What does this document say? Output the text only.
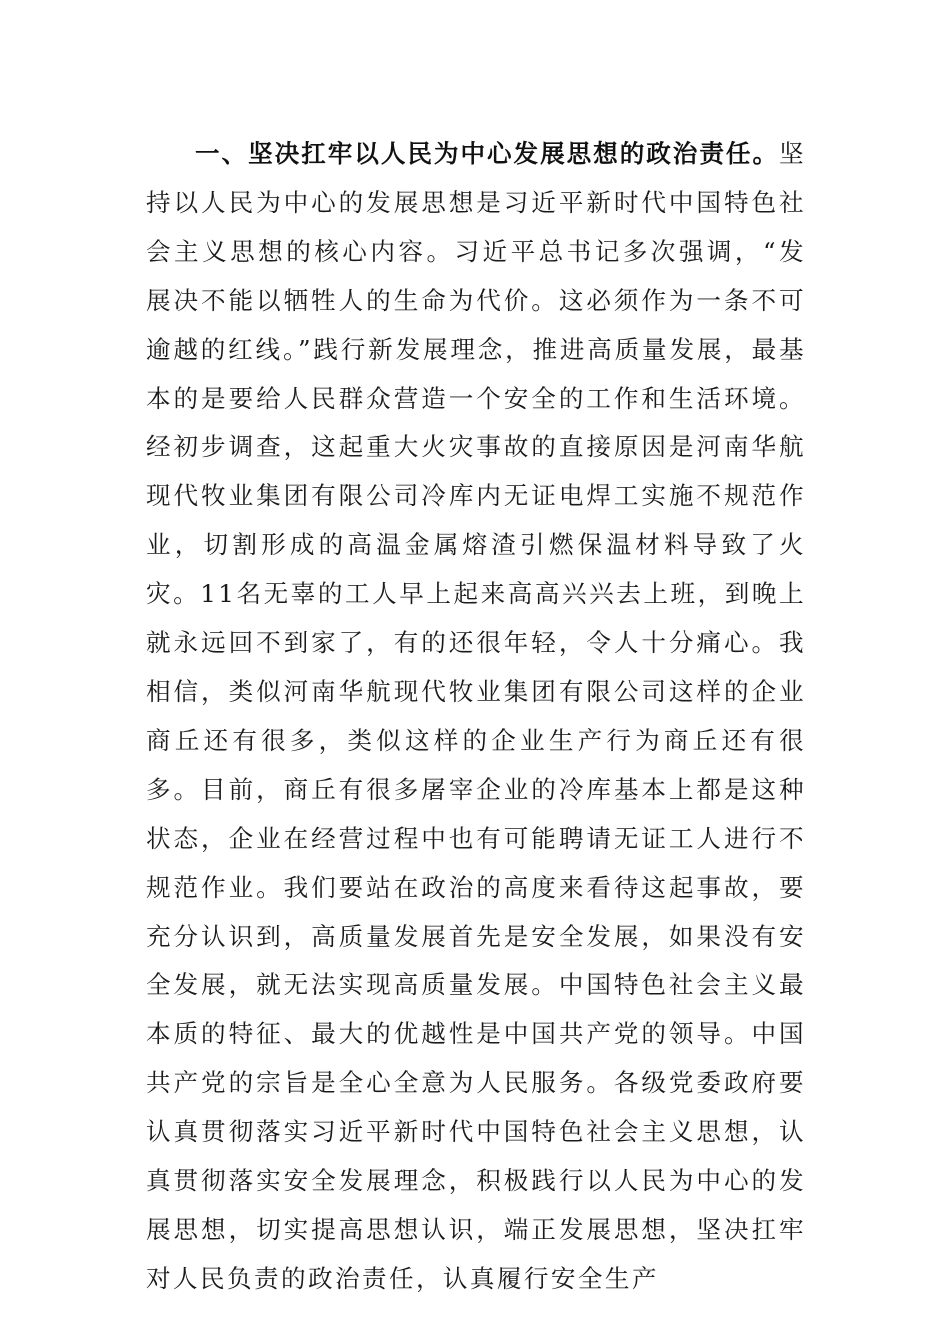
一、坚决扛牢以人民为中心发展思想的政治责任。坚持以人民为中心的发展思想是习近平新时代中国特色社会主义思想的核心内容。习近平总书记多次强调，“发展决不能以牺牲人的生命为代价。这必须作为一条不可逾越的红线。”践行新发展理念，推进高质量发展，最基本的是要给人民群众营造一个安全的工作和生活环境。经初步调查，这起重大火灾事故的直接原因是河南华航现代牧业集团有限公司冷库内无证电焊工实施不规范作业，切割形成的高温金属熔渣引燃保温材料导致了火灾。11名无辜的工人早上起来高高兴兴去上班，到晚上就永远回不到家了，有的还很年轻，令人十分痛心。我相信，类似河南华航现代牧业集团有限公司这样的企业商丘还有很多，类似这样的企业生产行为商丘还有很多。目前，商丘有很多屠宰企业的冷库基本上都是这种状态，企业在经营过程中也有可能聘请无证工人进行不规范作业。我们要站在政治的高度来看待这起事故，要充分认识到，高质量发展首先是安全发展，如果没有安全发展，就无法实现高质量发展。中国特色社会主义最本质的特征、最大的优越性是中国共产党的领导。中国共产党的宗旨是全心全意为人民服务。各级党委政府要认真贯彻落实习近平新时代中国特色社会主义思想，认真贯彻落实安全发展理念，积极践行以人民为中心的发展思想，切实提高思想认识，端正发展思想，坚决扛牢对人民负责的政治责任，认真履行安全生产
